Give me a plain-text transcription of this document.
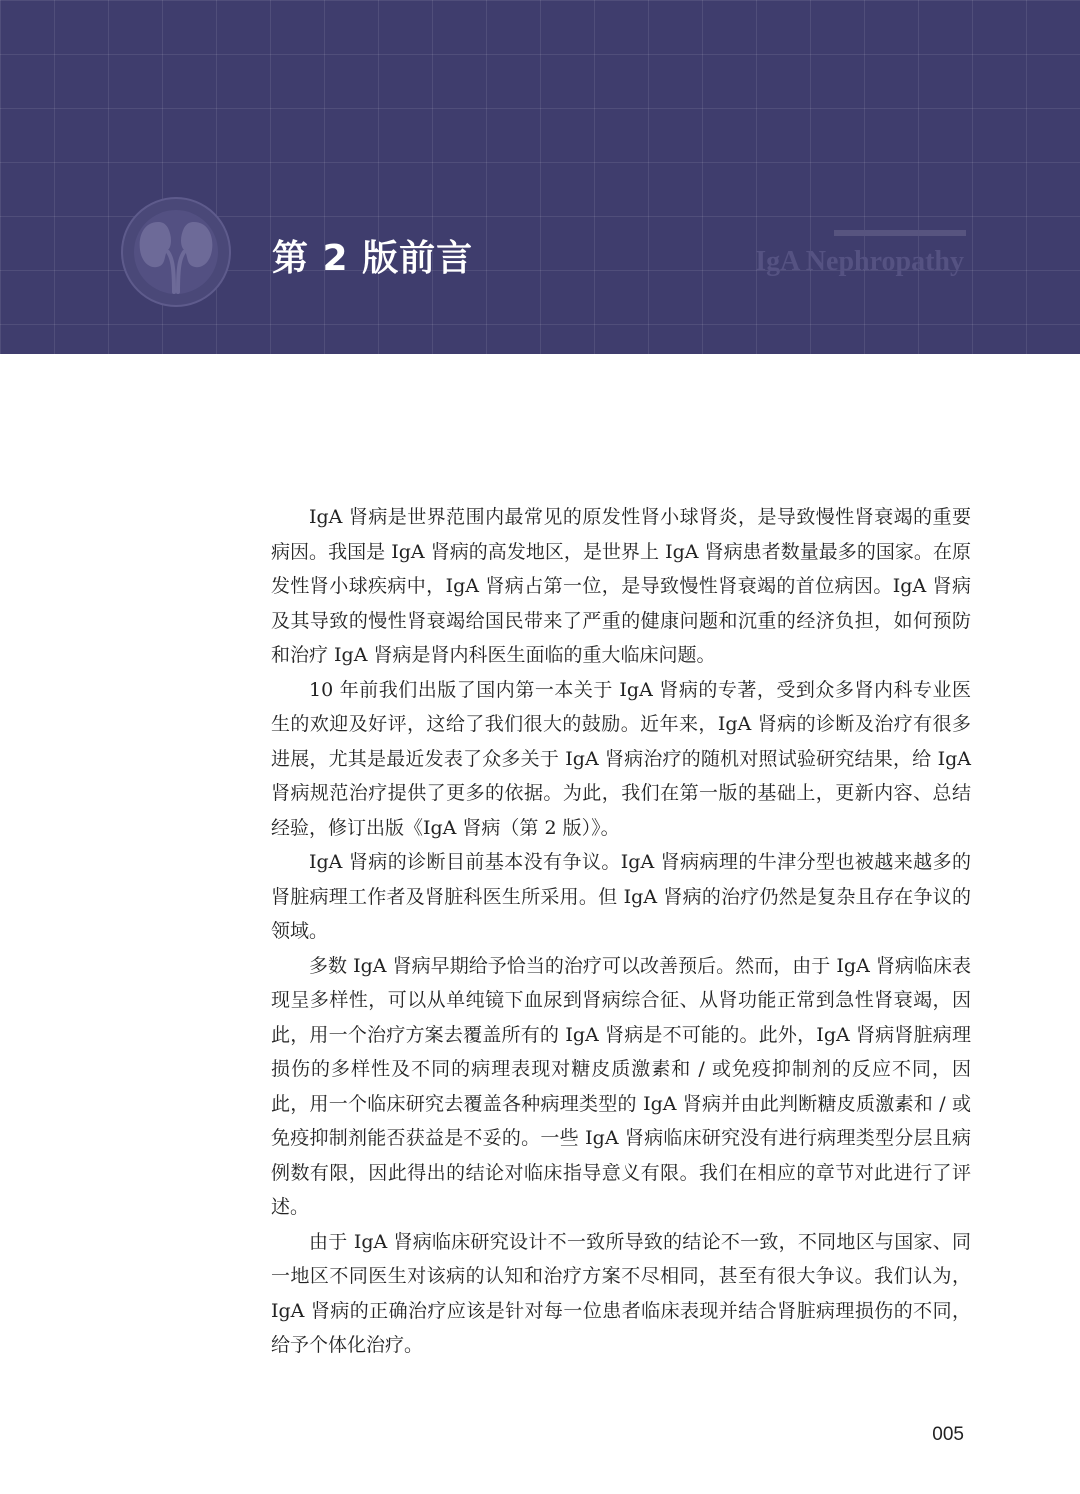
第 2 版前言	IgA Nephropathy

IgA 肾病是世界范围内最常见的原发性肾小球肾炎，是导致慢性肾衰竭的重要病因。我国是 IgA 肾病的高发地区，是世界上 IgA 肾病患者数量最多的国家。在原发性肾小球疾病中，IgA 肾病占第一位，是导致慢性肾衰竭的首位病因。IgA 肾病及其导致的慢性肾衰竭给国民带来了严重的健康问题和沉重的经济负担，如何预防和治疗 IgA 肾病是肾内科医生面临的重大临床问题。

10 年前我们出版了国内第一本关于 IgA 肾病的专著，受到众多肾内科专业医生的欢迎及好评，这给了我们很大的鼓励。近年来，IgA 肾病的诊断及治疗有很多进展，尤其是最近发表了众多关于 IgA 肾病治疗的随机对照试验研究结果，给 IgA 肾病规范治疗提供了更多的依据。为此，我们在第一版的基础上，更新内容、总结经验，修订出版《IgA 肾病（第 2 版）》。

IgA 肾病的诊断目前基本没有争议。IgA 肾病病理的牛津分型也被越来越多的肾脏病理工作者及肾脏科医生所采用。但 IgA 肾病的治疗仍然是复杂且存在争议的领域。

多数 IgA 肾病早期给予恰当的治疗可以改善预后。然而，由于 IgA 肾病临床表现呈多样性，可以从单纯镜下血尿到肾病综合征、从肾功能正常到急性肾衰竭，因此，用一个治疗方案去覆盖所有的 IgA 肾病是不可能的。此外，IgA 肾病肾脏病理损伤的多样性及不同的病理表现对糖皮质激素和 / 或免疫抑制剂的反应不同，因此，用一个临床研究去覆盖各种病理类型的 IgA 肾病并由此判断糖皮质激素和 / 或免疫抑制剂能否获益是不妥的。一些 IgA 肾病临床研究没有进行病理类型分层且病例数有限，因此得出的结论对临床指导意义有限。我们在相应的章节对此进行了评述。

由于 IgA 肾病临床研究设计不一致所导致的结论不一致，不同地区与国家、同一地区不同医生对该病的认知和治疗方案不尽相同，甚至有很大争议。我们认为，IgA 肾病的正确治疗应该是针对每一位患者临床表现并结合肾脏病理损伤的不同，给予个体化治疗。

005
